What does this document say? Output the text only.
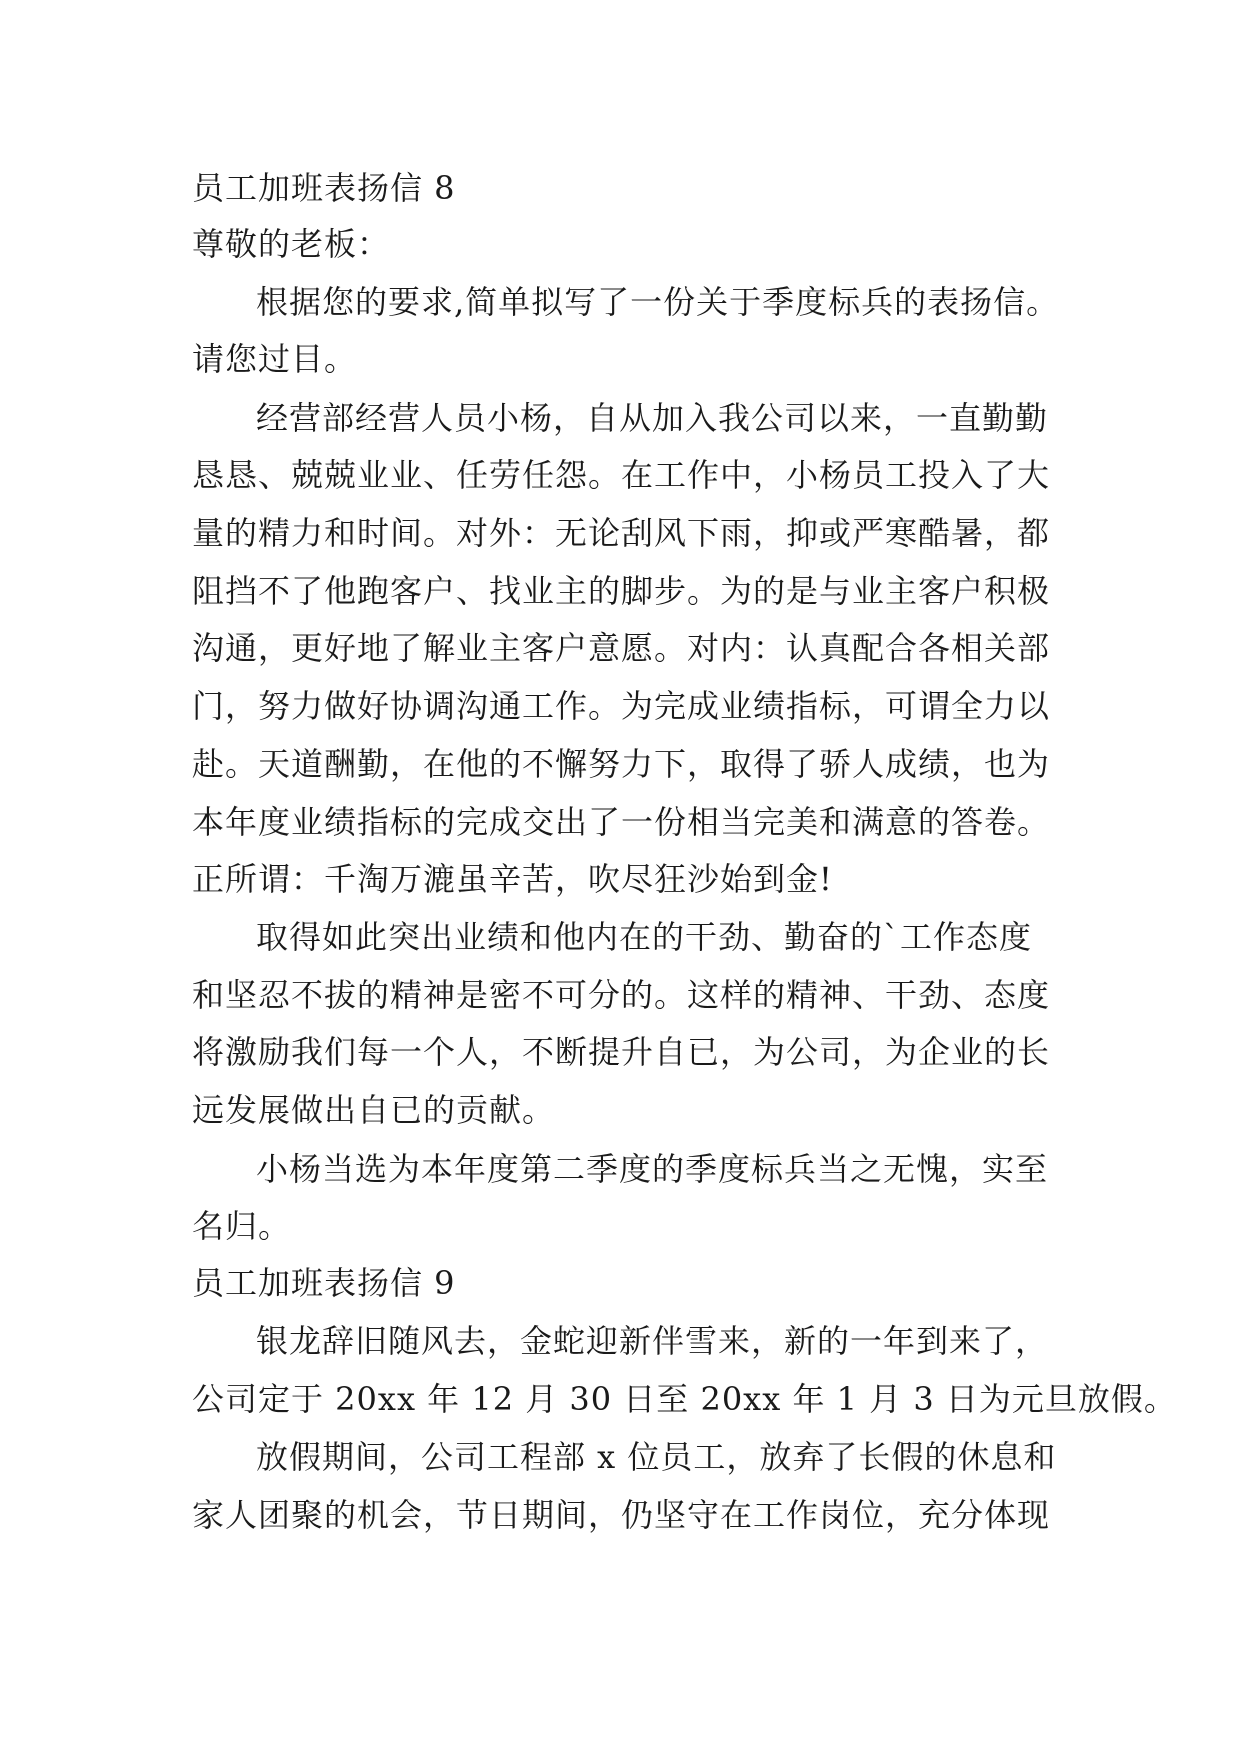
员工加班表扬信 8
尊敬的老板：
根据您的要求,简单拟写了一份关于季度标兵的表扬信。
请您过目。
经营部经营人员小杨，自从加入我公司以来，一直勤勤
恳恳、兢兢业业、任劳任怨。在工作中，小杨员工投入了大
量的精力和时间。对外：无论刮风下雨，抑或严寒酷暑，都
阻挡不了他跑客户、找业主的脚步。为的是与业主客户积极
沟通，更好地了解业主客户意愿。对内：认真配合各相关部
门，努力做好协调沟通工作。为完成业绩指标，可谓全力以
赴。天道酬勤，在他的不懈努力下，取得了骄人成绩，也为
本年度业绩指标的完成交出了一份相当完美和满意的答卷。
正所谓：千淘万漉虽辛苦，吹尽狂沙始到金!
取得如此突出业绩和他内在的干劲、勤奋的`工作态度
和坚忍不拔的精神是密不可分的。这样的精神、干劲、态度
将激励我们每一个人，不断提升自已，为公司，为企业的长
远发展做出自已的贡献。
小杨当选为本年度第二季度的季度标兵当之无愧，实至
名归。
员工加班表扬信 9
银龙辞旧随风去，金蛇迎新伴雪来，新的一年到来了，
公司定于 20xx 年 12 月 30 日至 20xx 年 1 月 3 日为元旦放假。
放假期间，公司工程部 x 位员工，放弃了长假的休息和
家人团聚的机会，节日期间，仍坚守在工作岗位，充分体现
